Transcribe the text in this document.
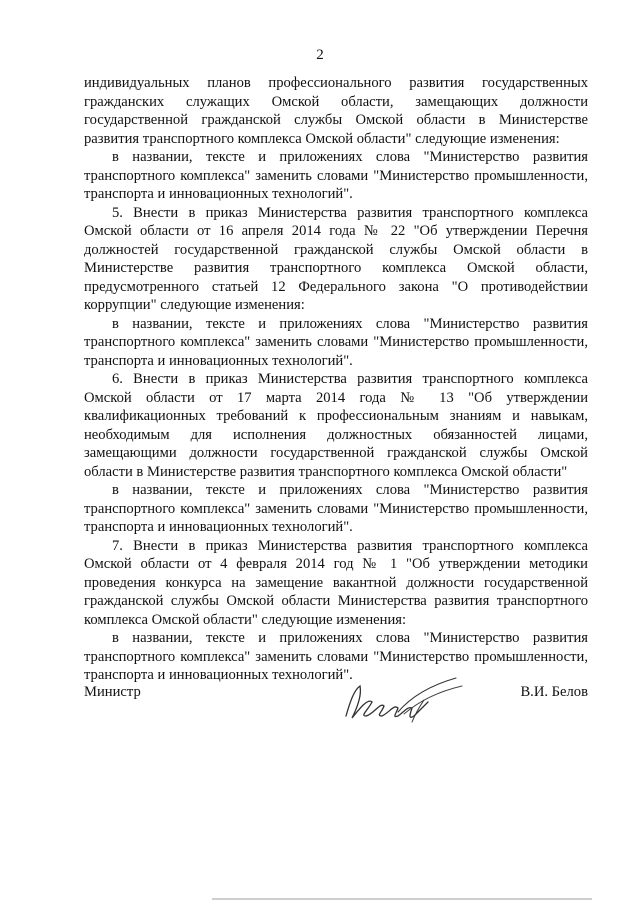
2

индивидуальных планов профессионального развития государственных гражданских служащих Омской области, замещающих должности государственной гражданской службы Омской области в Министерстве развития транспортного комплекса Омской области" следующие изменения:

в названии, тексте и приложениях слова "Министерство развития транспортного комплекса" заменить словами "Министерство промышленности, транспорта и инновационных технологий".

5. Внести в приказ Министерства развития транспортного комплекса Омской области от 16 апреля 2014 года № 22 "Об утверждении Перечня должностей государственной гражданской службы Омской области в Министерстве развития транспортного комплекса Омской области, предусмотренного статьей 12 Федерального закона "О противодействии коррупции" следующие изменения:

в названии, тексте и приложениях слова "Министерство развития транспортного комплекса" заменить словами "Министерство промышленности, транспорта и инновационных технологий".

6. Внести в приказ Министерства развития транспортного комплекса Омской области от 17 марта 2014 года № 13 "Об утверждении квалификационных требований к профессиональным знаниям и навыкам, необходимым для исполнения должностных обязанностей лицами, замещающими должности государственной гражданской службы Омской области в Министерстве развития транспортного комплекса Омской области"

в названии, тексте и приложениях слова "Министерство развития транспортного комплекса" заменить словами "Министерство промышленности, транспорта и инновационных технологий".

7. Внести в приказ Министерства развития транспортного комплекса Омской области от 4 февраля 2014 год № 1 "Об утверждении методики проведения конкурса на замещение вакантной должности государственной гражданской службы Омской области Министерства развития транспортного комплекса Омской области" следующие изменения:

в названии, тексте и приложениях слова "Министерство развития транспортного комплекса" заменить словами "Министерство промышленности, транспорта и инновационных технологий".

Министр	В.И. Белов
